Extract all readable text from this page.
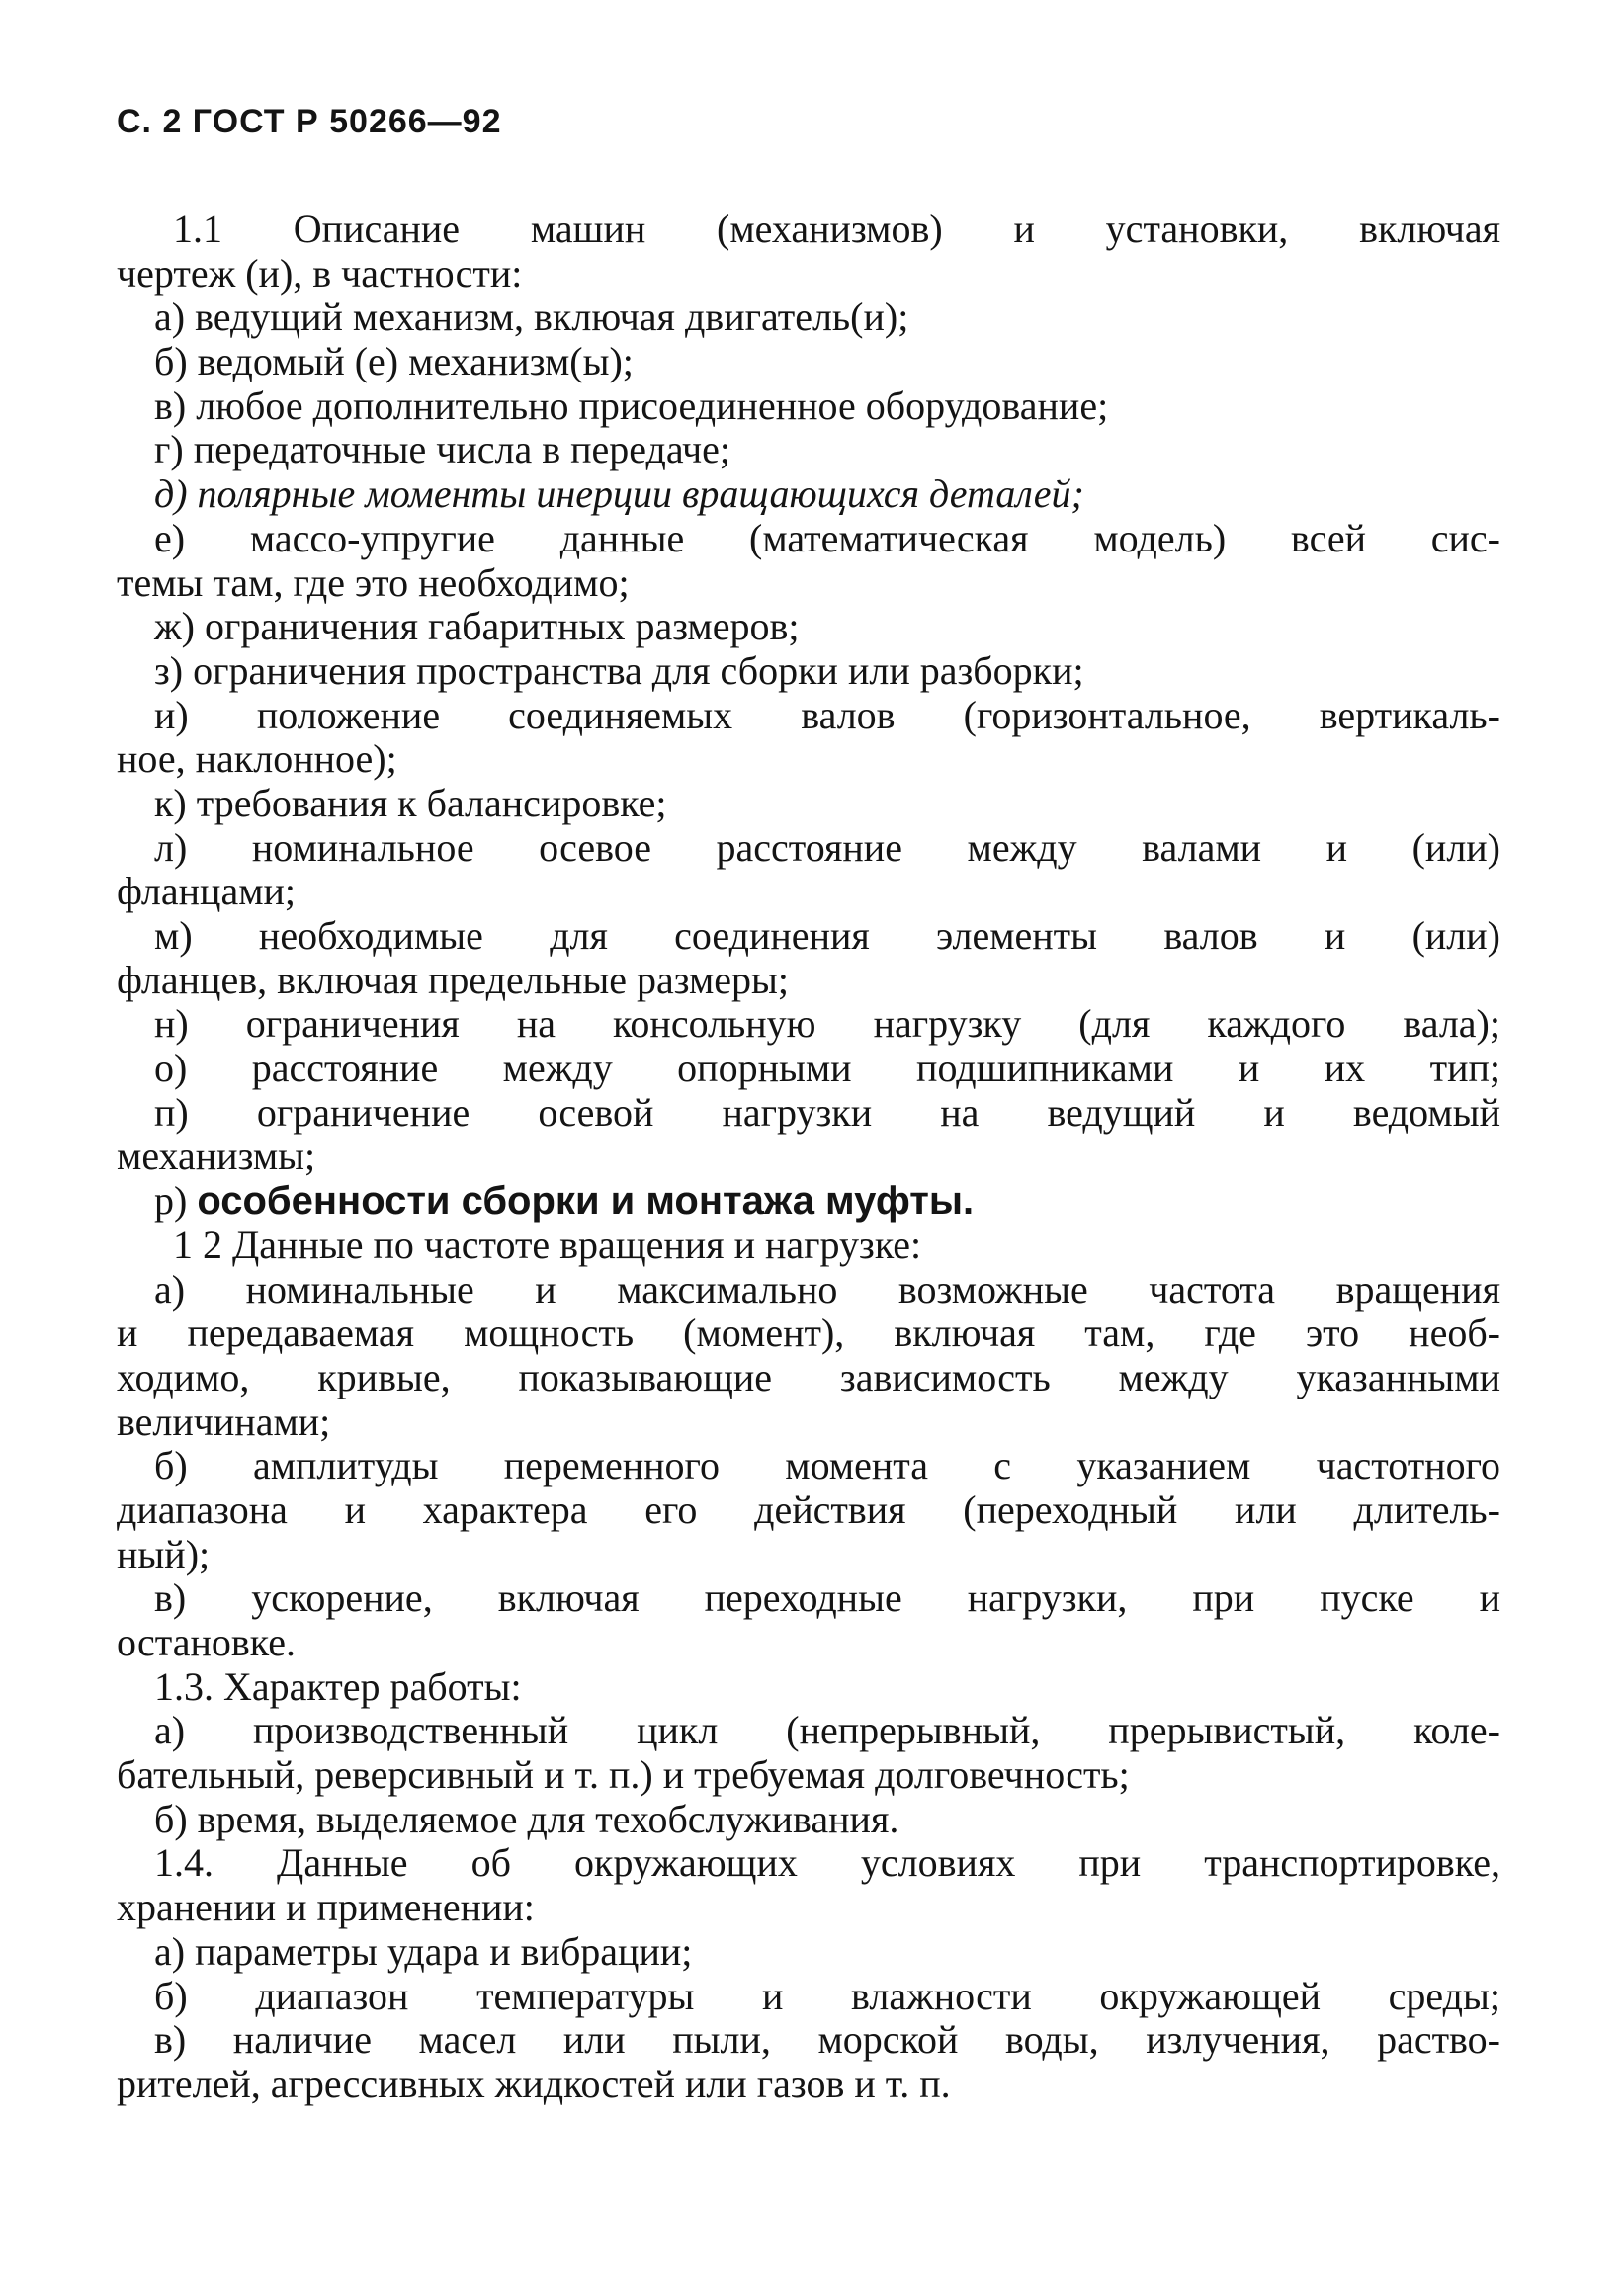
С. 2 ГОСТ Р 50266—92
1.1 Описание машин (механизмов) и установки, включая
чертеж (и), в частности:
а) ведущий механизм, включая двигатель(и);
б) ведомый (е) механизм(ы);
в) любое дополнительно присоединенное оборудование;
г) передаточные числа в передаче;
д) полярные моменты инерции вращающихся деталей;
е) массо-упругие данные (математическая модель) всей сис-
темы там, где это необходимо;
ж) ограничения габаритных размеров;
з) ограничения пространства для сборки или разборки;
и) положение соединяемых валов (горизонтальное, вертикаль-
ное, наклонное);
к) требования к балансировке;
л) номинальное осевое расстояние между валами и (или)
фланцами;
м) необходимые для соединения элементы валов и (или)
фланцев, включая предельные размеры;
н) ограничения на консольную нагрузку (для каждого вала);
о) расстояние между опорными подшипниками и их тип;
п) ограничение осевой нагрузки на ведущий и ведомый
механизмы;
р) особенности сборки и монтажа муфты.
1 2 Данные по частоте вращения и нагрузке:
а) номинальные и максимально возможные частота вращения
и передаваемая мощность (момент), включая там, где это необ-
ходимо, кривые, показывающие зависимость между указанными
величинами;
б) амплитуды переменного момента с указанием частотного
диапазона и характера его действия (переходный или длитель-
ный);
в) ускорение, включая переходные нагрузки, при пуске и
остановке.
1.3. Характер работы:
а) производственный цикл (непрерывный, прерывистый, коле-
бательный, реверсивный и т. п.) и требуемая долговечность;
б) время, выделяемое для техобслуживания.
1.4. Данные об окружающих условиях при транспортировке,
хранении и применении:
а) параметры удара и вибрации;
б) диапазон температуры и влажности окружающей среды;
в) наличие масел или пыли, морской воды, излучения, раство-
рителей, агрессивных жидкостей или газов и т. п.
